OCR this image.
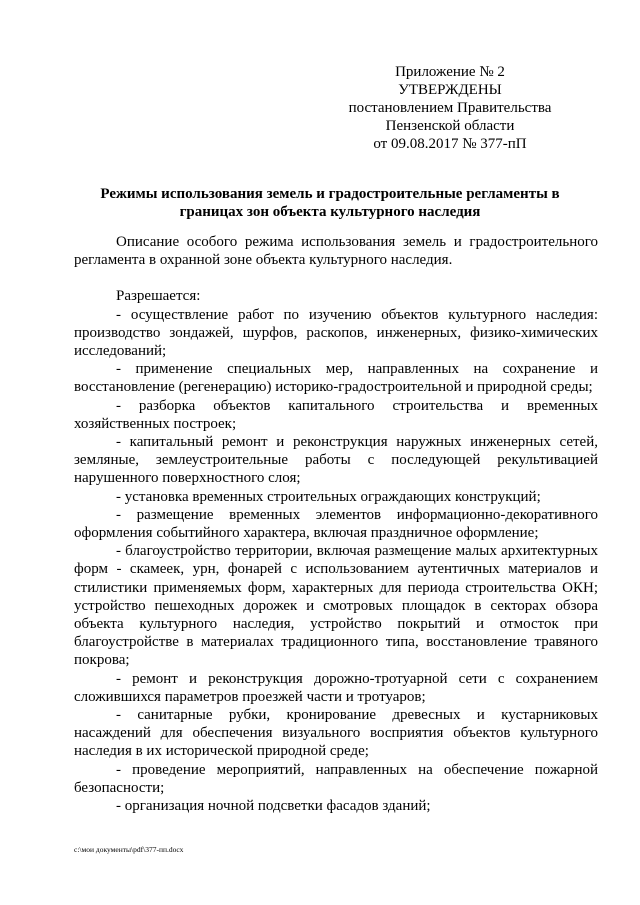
Приложение № 2
УТВЕРЖДЕНЫ
постановлением Правительства
Пензенской области
от 09.08.2017 № 377-пП
Режимы использования земель и градостроительные регламенты в
границах зон объекта культурного наследия

Описание особого режима использования земель и градостроительного регламента в охранной зоне объекта культурного наследия.

Разрешается:

- осуществление работ по изучению объектов культурного наследия: производство зондажей, шурфов, раскопов, инженерных, физико-химических исследований;

- применение специальных мер, направленных на сохранение и восстановление (регенерацию) историко-градостроительной и природной среды;

- разборка объектов капитального строительства и временных хозяйственных построек;

- капитальный ремонт и реконструкция наружных инженерных сетей, земляные, землеустроительные работы с последующей рекультивацией нарушенного поверхностного слоя;

- установка временных строительных ограждающих конструкций;

- размещение временных элементов информационно-декоративного оформления событийного характера, включая праздничное оформление;

- благоустройство территории, включая размещение малых архитектурных форм - скамеек, урн, фонарей с использованием аутентичных материалов и стилистики применяемых форм, характерных для периода строительства ОКН; устройство пешеходных дорожек и смотровых площадок в секторах обзора объекта культурного наследия, устройство покрытий и отмосток при благоустройстве в материалах традиционного типа, восстановление травяного покрова;

- ремонт и реконструкция дорожно-тротуарной сети с сохранением сложившихся параметров проезжей части и тротуаров;

- санитарные рубки, кронирование древесных и кустарниковых насаждений для обеспечения визуального восприятия объектов культурного наследия в их исторической природной среде;

- проведение мероприятий, направленных на обеспечение пожарной безопасности;

- организация ночной подсветки фасадов зданий;

c:\мои документы\pdf\377-пп.docx
